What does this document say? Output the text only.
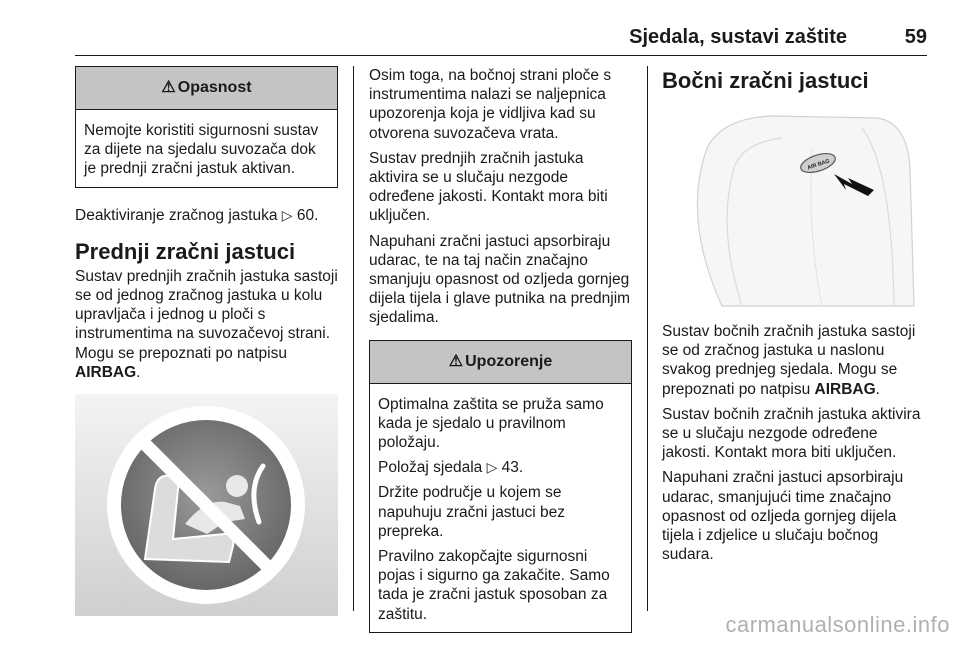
Sjedala, sustavi zaštite	59
⚠ Opasnost

Nemojte koristiti sigurnosni sustav za dijete na sjedalu suvozača dok je prednji zračni jastuk aktivan.

Deaktiviranje zračnog jastuka ▷ 60.

Prednji zračni jastuci

Sustav prednjih zračnih jastuka sastoji se od jednog zračnog jastuka u kolu upravljača i jednog u ploči s instrumentima na suvozačevoj strani. Mogu se prepoznati po natpisu AIRBAG.

Osim toga, na bočnoj strani ploče s instrumentima nalazi se naljepnica upozorenja koja je vidljiva kad su otvorena suvozačeva vrata.

Sustav prednjih zračnih jastuka aktivira se u slučaju nezgode određene jakosti. Kontakt mora biti uključen.

Napuhani zračni jastuci apsorbiraju udarac, te na taj način značajno smanjuju opasnost od ozljeda gornjeg dijela tijela i glave putnika na prednjim sjedalima.

⚠ Upozorenje

Optimalna zaštita se pruža samo kada je sjedalo u pravilnom položaju.

Položaj sjedala ▷ 43.

Držite područje u kojem se napuhuju zračni jastuci bez prepreka.

Pravilno zakopčajte sigurnosni pojas i sigurno ga zakačite. Samo tada je zračni jastuk sposoban za zaštitu.

Bočni zračni jastuci
AIR BAG

Sustav bočnih zračnih jastuka sastoji se od zračnog jastuka u naslonu svakog prednjeg sjedala. Mogu se prepoznati po natpisu AIRBAG.

Sustav bočnih zračnih jastuka aktivira se u slučaju nezgode određene jakosti. Kontakt mora biti uključen.

Napuhani zračni jastuci apsorbiraju udarac, smanjujući time značajno opasnost od ozljeda gornjeg dijela tijela i zdjelice u slučaju bočnog sudara.

carmanualsonline.info
